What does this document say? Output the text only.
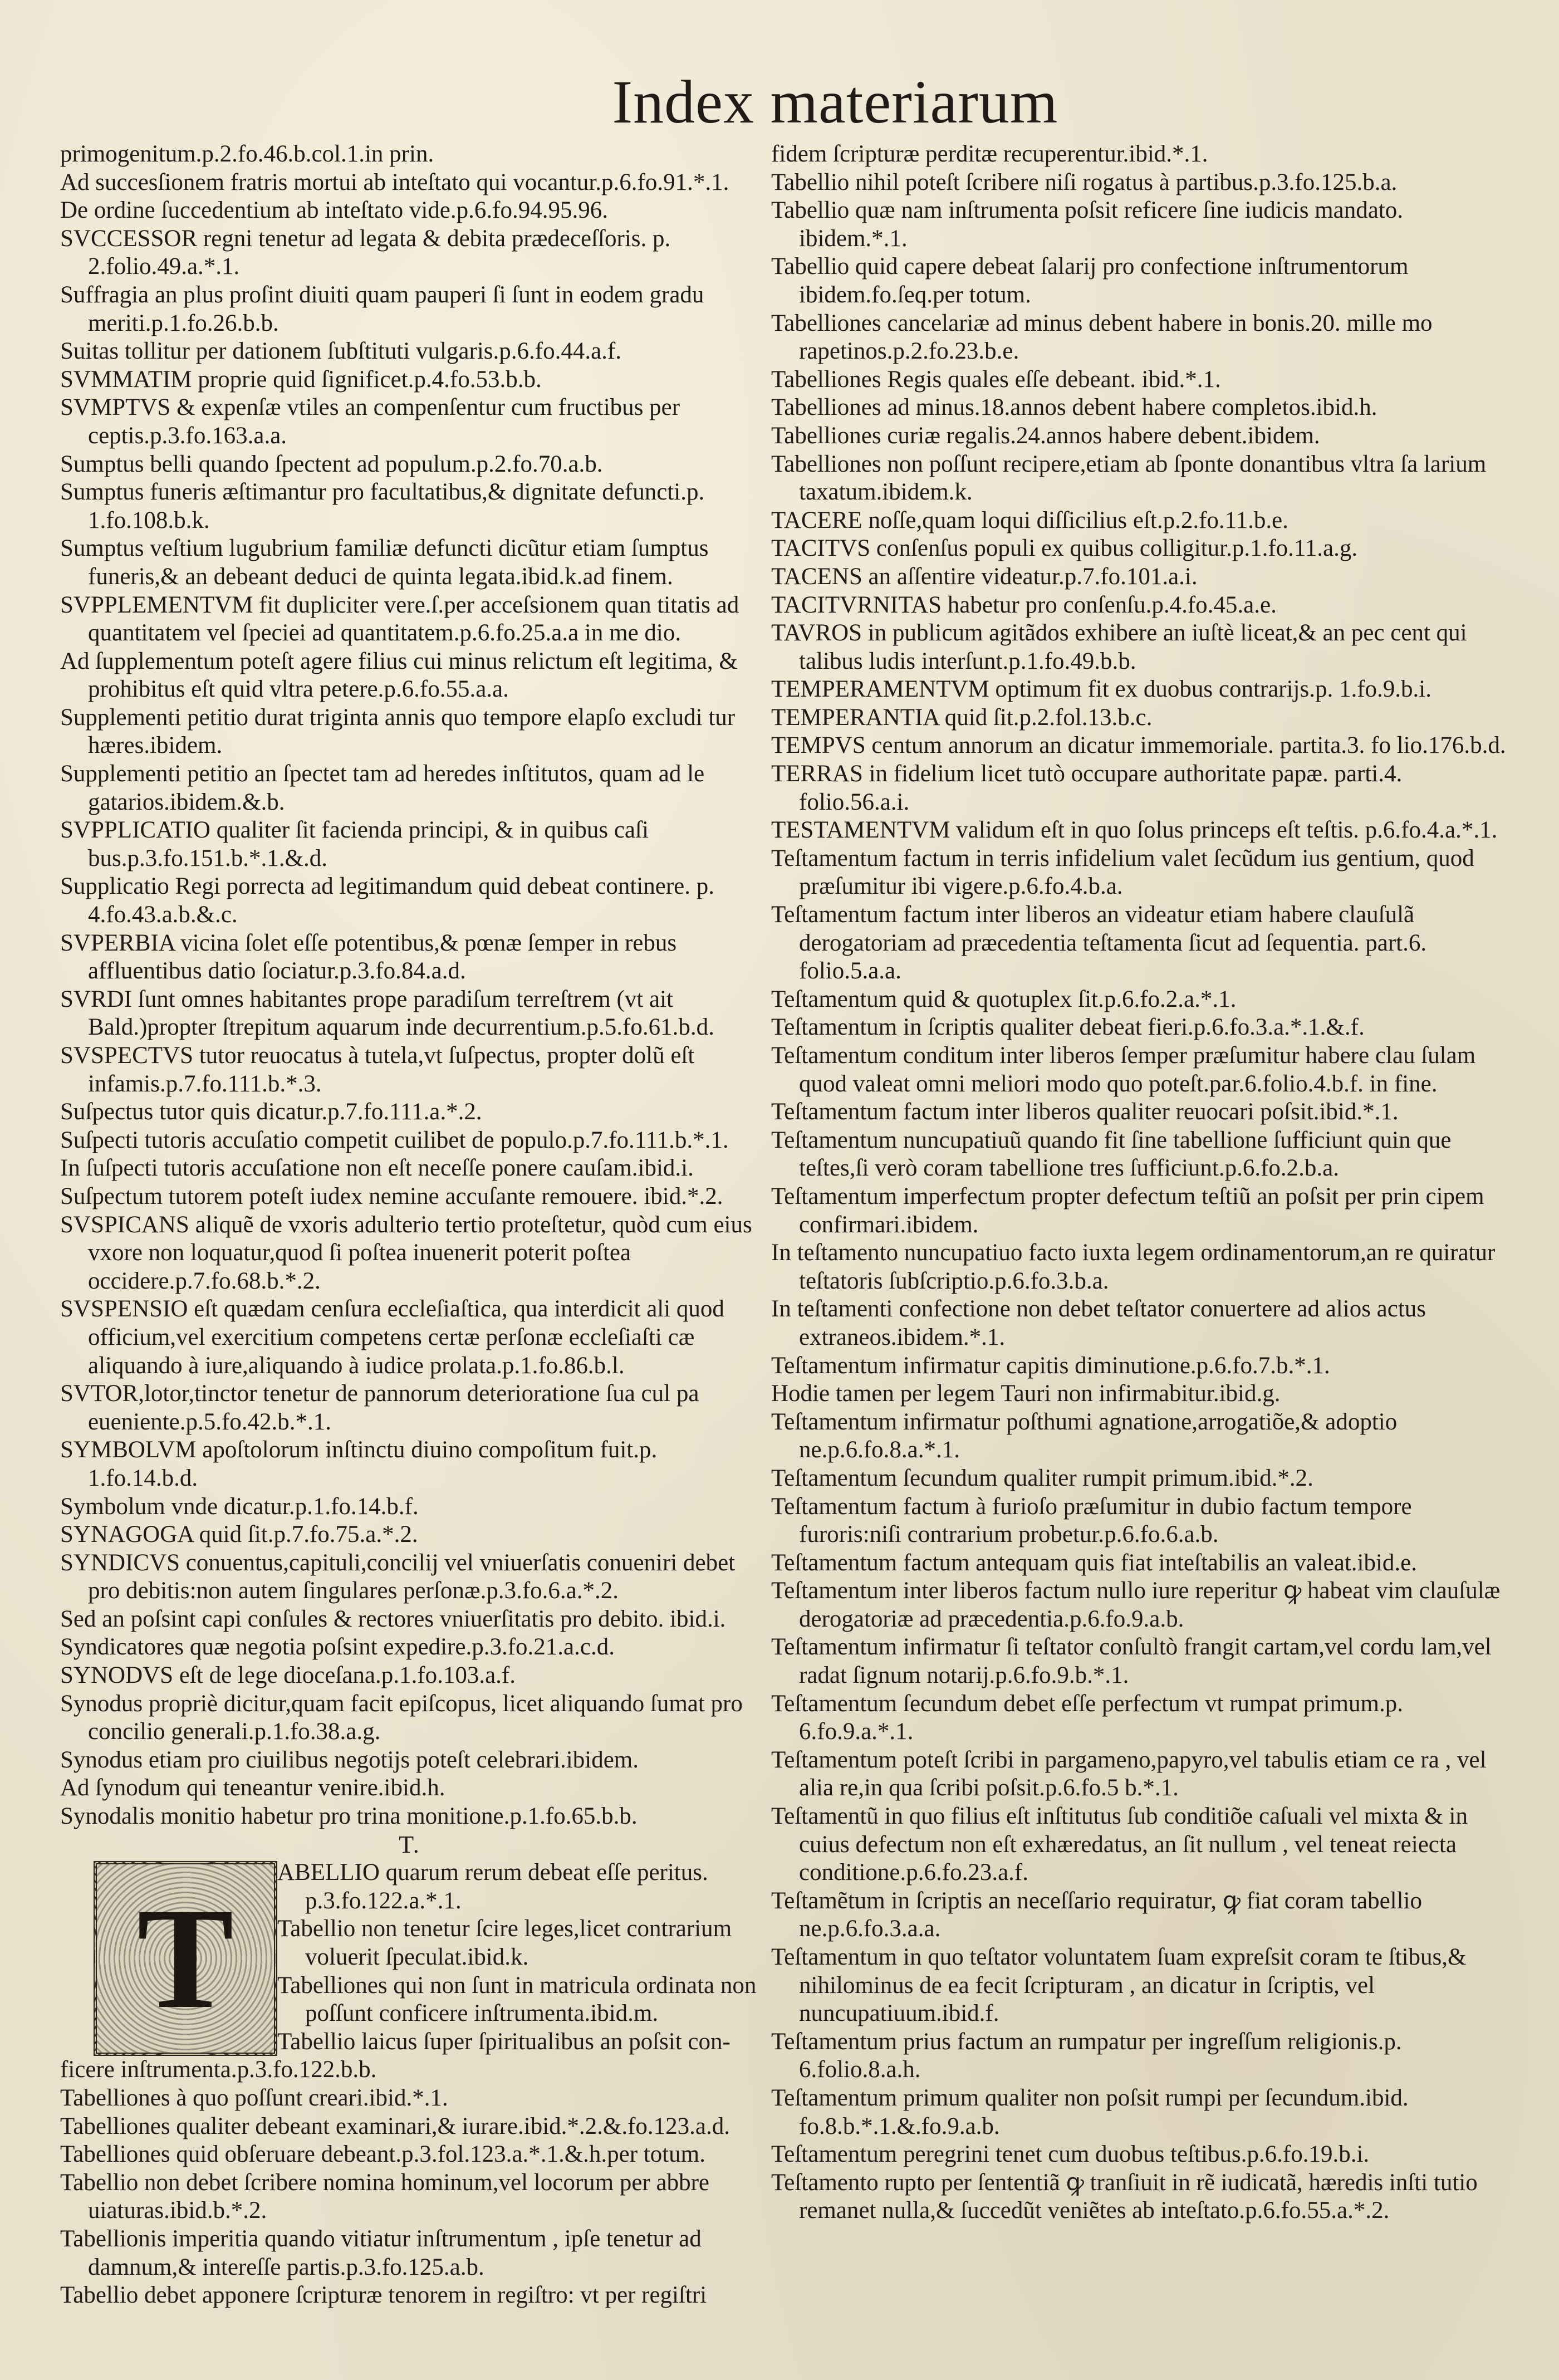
Index materiarum

primogenitum.p.2.fo.46.b.col.1.in prin.

Ad succesſionem fratris mortui ab inteſtato qui vocantur.p.6.fo.91.*.1.

De ordine ſuccedentium ab inteſtato vide.p.6.fo.94.95.96.

SVCCESSOR regni tenetur ad legata & debita prædeceſſoris. p. 2.folio.49.a.*.1.

Suffragia an plus proſint diuiti quam pauperi ſi ſunt in eodem gradu meriti.p.1.fo.26.b.b.

Suitas tollitur per dationem ſubſtituti vulgaris.p.6.fo.44.a.f.

SVMMATIM proprie quid ſignificet.p.4.fo.53.b.b.

SVMPTVS & expenſæ vtiles an compenſentur cum fructibus per ceptis.p.3.fo.163.a.a.

Sumptus belli quando ſpectent ad populum.p.2.fo.70.a.b.

Sumptus funeris æſtimantur pro facultatibus,& dignitate defuncti.p. 1.fo.108.b.k.

Sumptus veſtium lugubrium familiæ defuncti dicũtur etiam ſumptus funeris,& an debeant deduci de quinta legata.ibid.k.ad finem.

SVPPLEMENTVM fit dupliciter vere.ſ.per acceſsionem quan titatis ad quantitatem vel ſpeciei ad quantitatem.p.6.fo.25.a.a in me dio.

Ad ſupplementum poteſt agere filius cui minus relictum eſt legitima, & prohibitus eſt quid vltra petere.p.6.fo.55.a.a.

Supplementi petitio durat triginta annis quo tempore elapſo excludi tur hæres.ibidem.

Supplementi petitio an ſpectet tam ad heredes inſtitutos, quam ad le gatarios.ibidem.&.b.

SVPPLICATIO qualiter ſit facienda principi, & in quibus caſi bus.p.3.fo.151.b.*.1.&.d.

Supplicatio Regi porrecta ad legitimandum quid debeat continere. p. 4.fo.43.a.b.&.c.

SVPERBIA vicina ſolet eſſe potentibus,& pœnæ ſemper in rebus affluentibus datio ſociatur.p.3.fo.84.a.d.

SVRDI ſunt omnes habitantes prope paradiſum terreſtrem (vt ait Bald.)propter ſtrepitum aquarum inde decurrentium.p.5.fo.61.b.d.

SVSPECTVS tutor reuocatus à tutela,vt ſuſpectus, propter dolũ eſt infamis.p.7.fo.111.b.*.3.

Suſpectus tutor quis dicatur.p.7.fo.111.a.*.2.

Suſpecti tutoris accuſatio competit cuilibet de populo.p.7.fo.111.b.*.1.

In ſuſpecti tutoris accuſatione non eſt neceſſe ponere cauſam.ibid.i.

Suſpectum tutorem poteſt iudex nemine accuſante remouere. ibid.*.2.

SVSPICANS aliquẽ de vxoris adulterio tertio proteſtetur, quòd cum eius vxore non loquatur,quod ſi poſtea inuenerit poterit poſtea occidere.p.7.fo.68.b.*.2.

SVSPENSIO eſt quædam cenſura eccleſiaſtica, qua interdicit ali quod officium,vel exercitium competens certæ perſonæ eccleſiaſti cæ aliquando à iure,aliquando à iudice prolata.p.1.fo.86.b.l.

SVTOR,lotor,tinctor tenetur de pannorum deterioratione ſua cul pa eueniente.p.5.fo.42.b.*.1.

SYMBOLVM apoſtolorum inſtinctu diuino compoſitum fuit.p. 1.fo.14.b.d.

Symbolum vnde dicatur.p.1.fo.14.b.f.

SYNAGOGA quid ſit.p.7.fo.75.a.*.2.

SYNDICVS conuentus,capituli,concilij vel vniuerſatis conueniri debet pro debitis:non autem ſingulares perſonæ.p.3.fo.6.a.*.2.

Sed an poſsint capi conſules & rectores vniuerſitatis pro debito. ibid.i.

Syndicatores quæ negotia poſsint expedire.p.3.fo.21.a.c.d.

SYNODVS eſt de lege dioceſana.p.1.fo.103.a.f.

Synodus propriè dicitur,quam facit epiſcopus, licet aliquando ſumat pro concilio generali.p.1.fo.38.a.g.

Synodus etiam pro ciuilibus negotijs poteſt celebrari.ibidem.

Ad ſynodum qui teneantur venire.ibid.h.

Synodalis monitio habetur pro trina monitione.p.1.fo.65.b.b.

T.

T

ABELLIO quarum rerum debeat eſſe peritus. p.3.fo.122.a.*.1.

Tabellio non tenetur ſcire leges,licet contrarium voluerit ſpeculat.ibid.k.

Tabelliones qui non ſunt in matricula ordinata non poſſunt conficere inſtrumenta.ibid.m.

Tabellio laicus ſuper ſpiritualibus an poſsit con-

ficere inſtrumenta.p.3.fo.122.b.b.

Tabelliones à quo poſſunt creari.ibid.*.1.

Tabelliones qualiter debeant examinari,& iurare.ibid.*.2.&.fo.123.a.d.

Tabelliones quid obſeruare debeant.p.3.fol.123.a.*.1.&.h.per totum.

Tabellio non debet ſcribere nomina hominum,vel locorum per abbre uiaturas.ibid.b.*.2.

Tabellionis imperitia quando vitiatur inſtrumentum , ipſe tenetur ad damnum,& intereſſe partis.p.3.fo.125.a.b.

Tabellio debet apponere ſcripturæ tenorem in regiſtro: vt per regiſtri

fidem ſcripturæ perditæ recuperentur.ibid.*.1.

Tabellio nihil poteſt ſcribere niſi rogatus à partibus.p.3.fo.125.b.a.

Tabellio quæ nam inſtrumenta poſsit reficere ſine iudicis mandato. ibidem.*.1.

Tabellio quid capere debeat ſalarij pro confectione inſtrumentorum ibidem.fo.ſeq.per totum.

Tabelliones cancelariæ ad minus debent habere in bonis.20. mille mo rapetinos.p.2.fo.23.b.e.

Tabelliones Regis quales eſſe debeant. ibid.*.1.

Tabelliones ad minus.18.annos debent habere completos.ibid.h.

Tabelliones curiæ regalis.24.annos habere debent.ibidem.

Tabelliones non poſſunt recipere,etiam ab ſponte donantibus vltra ſa larium taxatum.ibidem.k.

TACERE noſſe,quam loqui diſſicilius eſt.p.2.fo.11.b.e.

TACITVS conſenſus populi ex quibus colligitur.p.1.fo.11.a.g.

TACENS an aſſentire videatur.p.7.fo.101.a.i.

TACITVRNITAS habetur pro conſenſu.p.4.fo.45.a.e.

TAVROS in publicum agitãdos exhibere an iuſtè liceat,& an pec cent qui talibus ludis interſunt.p.1.fo.49.b.b.

TEMPERAMENTVM optimum fit ex duobus contrarijs.p. 1.fo.9.b.i.

TEMPERANTIA quid ſit.p.2.fol.13.b.c.

TEMPVS centum annorum an dicatur immemoriale. partita.3. fo lio.176.b.d.

TERRAS in fidelium licet tutò occupare authoritate papæ. parti.4. folio.56.a.i.

TESTAMENTVM validum eſt in quo ſolus princeps eſt teſtis. p.6.fo.4.a.*.1.

Teſtamentum factum in terris infidelium valet ſecũdum ius gentium, quod præſumitur ibi vigere.p.6.fo.4.b.a.

Teſtamentum factum inter liberos an videatur etiam habere clauſulã derogatoriam ad præcedentia teſtamenta ſicut ad ſequentia. part.6. folio.5.a.a.

Teſtamentum quid & quotuplex ſit.p.6.fo.2.a.*.1.

Teſtamentum in ſcriptis qualiter debeat fieri.p.6.fo.3.a.*.1.&.f.

Teſtamentum conditum inter liberos ſemper præſumitur habere clau ſulam quod valeat omni meliori modo quo poteſt.par.6.folio.4.b.f. in fine.

Teſtamentum factum inter liberos qualiter reuocari poſsit.ibid.*.1.

Teſtamentum nuncupatiuũ quando fit ſine tabellione ſufficiunt quin que teſtes,ſi verò coram tabellione tres ſufficiunt.p.6.fo.2.b.a.

Teſtamentum imperfectum propter defectum teſtiũ an poſsit per prin cipem confirmari.ibidem.

In teſtamento nuncupatiuo facto iuxta legem ordinamentorum,an re quiratur teſtatoris ſubſcriptio.p.6.fo.3.b.a.

In teſtamenti confectione non debet teſtator conuertere ad alios actus extraneos.ibidem.*.1.

Teſtamentum infirmatur capitis diminutione.p.6.fo.7.b.*.1.

Hodie tamen per legem Tauri non infirmabitur.ibid.g.

Teſtamentum infirmatur poſthumi agnatione,arrogatiõe,& adoptio ne.p.6.fo.8.a.*.1.

Teſtamentum ſecundum qualiter rumpit primum.ibid.*.2.

Teſtamentum factum à furioſo præſumitur in dubio factum tempore furoris:niſi contrarium probetur.p.6.fo.6.a.b.

Teſtamentum factum antequam quis fiat inteſtabilis an valeat.ibid.e.

Teſtamentum inter liberos factum nullo iure reperitur ꝙ habeat vim clauſulæ derogatoriæ ad præcedentia.p.6.fo.9.a.b.

Teſtamentum infirmatur ſi teſtator conſultò frangit cartam,vel cordu lam,vel radat ſignum notarij.p.6.fo.9.b.*.1.

Teſtamentum ſecundum debet eſſe perfectum vt rumpat primum.p. 6.fo.9.a.*.1.

Teſtamentum poteſt ſcribi in pargameno,papyro,vel tabulis etiam ce ra , vel alia re,in qua ſcribi poſsit.p.6.fo.5 b.*.1.

Teſtamentũ in quo filius eſt inſtitutus ſub conditiõe caſuali vel mixta & in cuius defectum non eſt exhæredatus, an ſit nullum , vel teneat reiecta conditione.p.6.fo.23.a.f.

Teſtamẽtum in ſcriptis an neceſſario requiratur, ꝙ fiat coram tabellio ne.p.6.fo.3.a.a.

Teſtamentum in quo teſtator voluntatem ſuam expreſsit coram te ſtibus,& nihilominus de ea fecit ſcripturam , an dicatur in ſcriptis, vel nuncupatiuum.ibid.f.

Teſtamentum prius factum an rumpatur per ingreſſum religionis.p. 6.folio.8.a.h.

Teſtamentum primum qualiter non poſsit rumpi per ſecundum.ibid. fo.8.b.*.1.&.fo.9.a.b.

Teſtamentum peregrini tenet cum duobus teſtibus.p.6.fo.19.b.i.

Teſtamento rupto per ſententiã ꝙ tranſiuit in rẽ iudicatã, hæredis inſti tutio remanet nulla,& ſuccedũt veniẽtes ab inteſtato.p.6.fo.55.a.*.2.
